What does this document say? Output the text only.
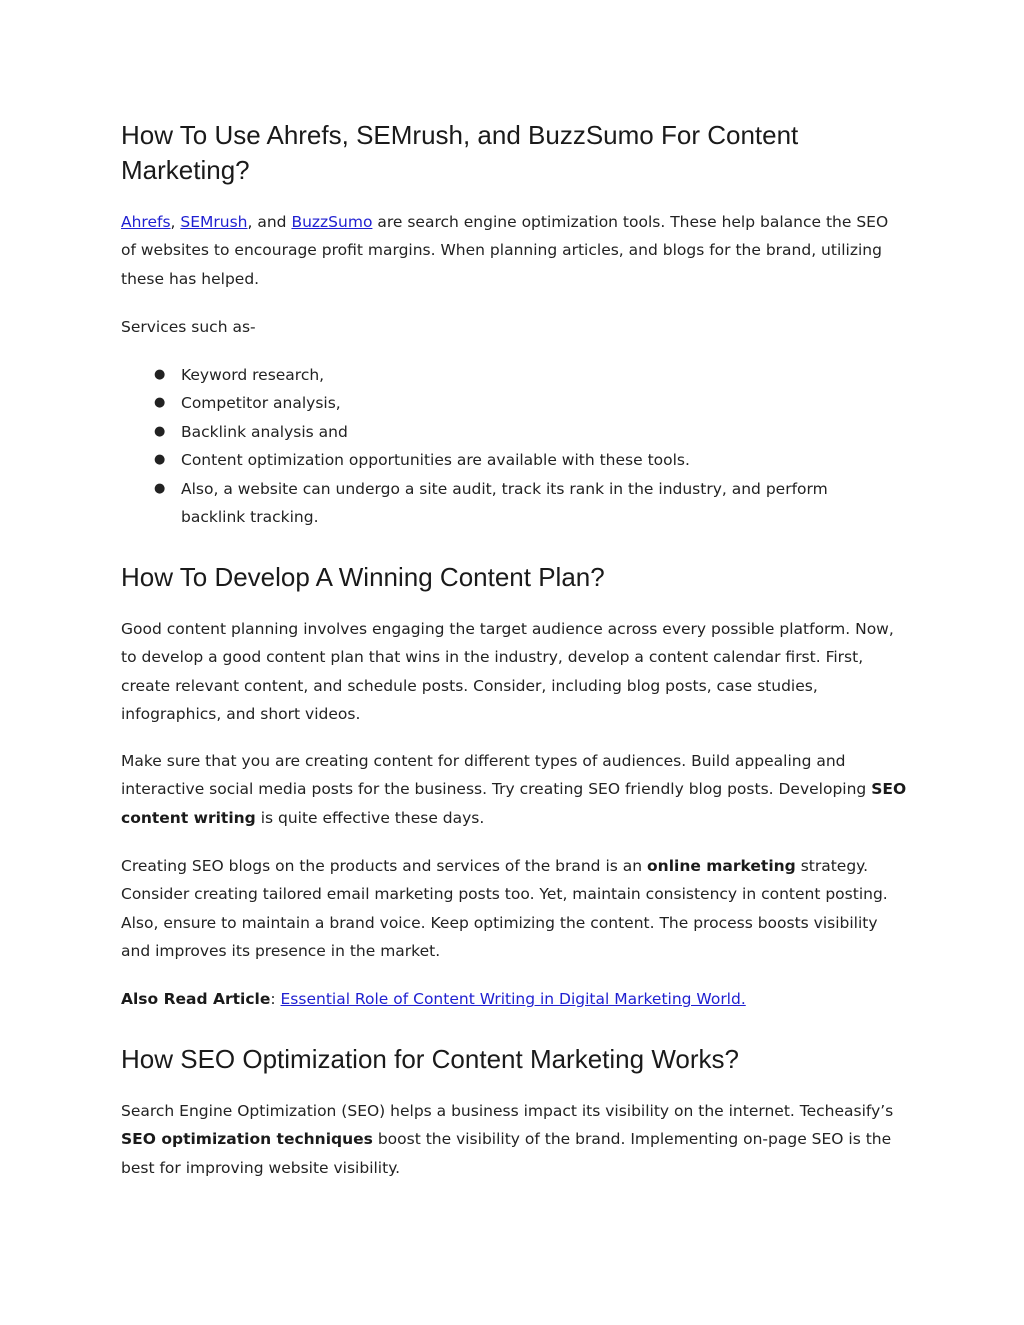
How To Use Ahrefs, SEMrush, and BuzzSumo For Content Marketing?

Ahrefs, SEMrush, and BuzzSumo are search engine optimization tools. These help balance the SEO of websites to encourage profit margins. When planning articles, and blogs for the brand, utilizing these has helped.

Services such as-

● Keyword research,
● Competitor analysis,
● Backlink analysis and
● Content optimization opportunities are available with these tools.
● Also, a website can undergo a site audit, track its rank in the industry, and perform backlink tracking.
How To Develop A Winning Content Plan?

Good content planning involves engaging the target audience across every possible platform. Now, to develop a good content plan that wins in the industry, develop a content calendar first. First, create relevant content, and schedule posts. Consider, including blog posts, case studies, infographics, and short videos.

Make sure that you are creating content for different types of audiences. Build appealing and interactive social media posts for the business. Try creating SEO friendly blog posts. Developing SEO content writing is quite effective these days.

Creating SEO blogs on the products and services of the brand is an online marketing strategy. Consider creating tailored email marketing posts too. Yet, maintain consistency in content posting. Also, ensure to maintain a brand voice. Keep optimizing the content. The process boosts visibility and improves its presence in the market.

Also Read Article: Essential Role of Content Writing in Digital Marketing World.

How SEO Optimization for Content Marketing Works?

Search Engine Optimization (SEO) helps a business impact its visibility on the internet. Techeasify’s SEO optimization techniques boost the visibility of the brand. Implementing on-page SEO is the best for improving website visibility.
